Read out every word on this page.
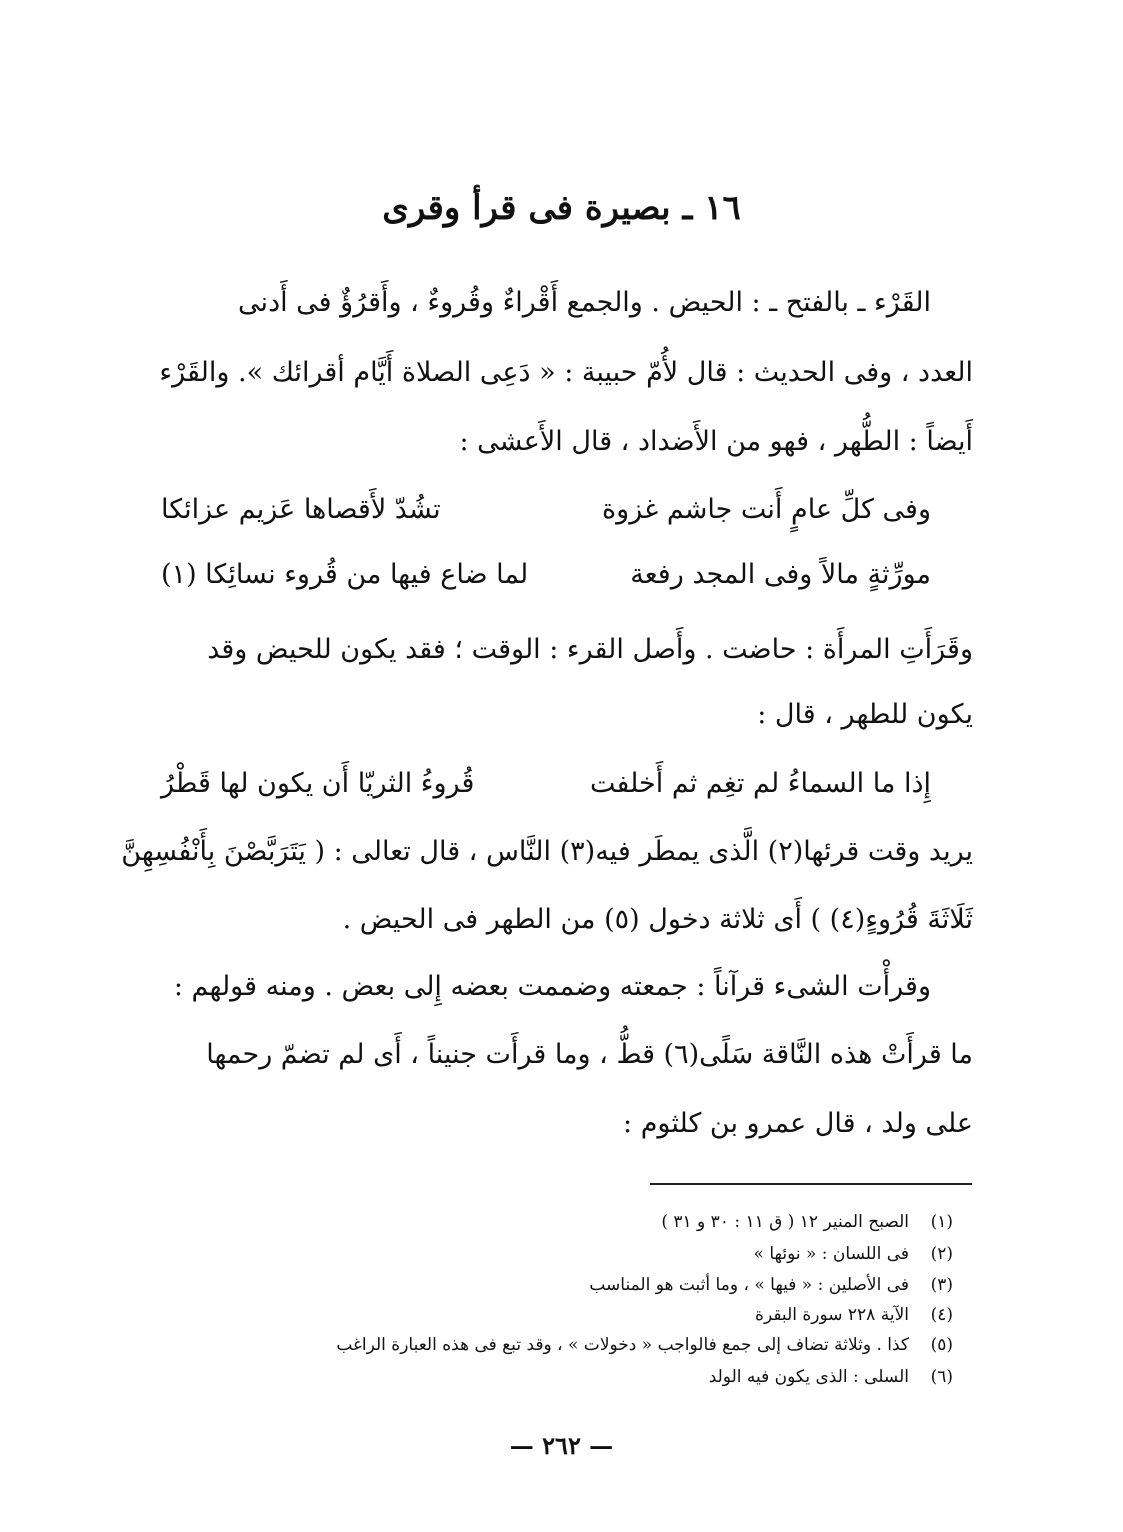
١٦ ـ بصيرة فى قرأ وقرى
القَرْء ـ بالفتح ـ : الحيض . والجمع أَقْراءٌ وقُروءٌ ، وأَقرُؤٌ فى أَدنى
العدد ، وفى الحديث : قال لأُمّ حبيبة : « دَعِى الصلاة أَيَّام أقرائك ». والقَرْء
أَيضاً : الطُّهر ، فهو من الأَضداد ، قال الأَعشى :
وفى كلِّ عامٍ أَنت جاشم غزوة
تشُدّ لأَقصاها عَزيم عزائكا
مورِّثةٍ مالاً وفى المجد رفعة
لما ضاع فيها من قُروء نسائِكا (١)
وقَرَأَتِ المرأَة : حاضت . وأَصل القرء : الوقت ؛ فقد يكون للحيض وقد
يكون للطهر ، قال :
إِذا ما السماءُ لم تغِم ثم أَخلفت
قُروءُ الثريّا أَن يكون لها قَطْرُ
يريد وقت قرئها(٢) الَّذى يمطَر فيه(٣) النَّاس ، قال تعالى : ( يَتَرَبَّصْنَ بِأَنْفُسِهِنَّ
ثَلَاثَةَ قُرُوءٍ(٤) ) أَى ثلاثة دخول (٥) من الطهر فى الحيض .
وقرأْت الشىء قرآناً : جمعته وضممت بعضه إِلى بعض . ومنه قولهم :
ما قرأَتْ هذه النَّاقة سَلًى(٦) قطُّ ، وما قرأَت جنيناً ، أَى لم تضمّ رحمها
على ولد ، قال عمرو بن كلثوم :
(١)الصبح المنير ١٢ ( ق ١١ : ٣٠ و ٣١ )
(٢)فى اللسان : « نوئها »
(٣)فى الأصلين : « فيها » ، وما أثبت هو المناسب
(٤)الآية ٢٢٨ سورة البقرة
(٥)كذا . وثلاثة تضاف إلى جمع فالواجب « دخولات » ، وقد تبع فى هذه العبارة الراغب
(٦)السلى : الذى يكون فيه الولد
— ٢٦٢ —
